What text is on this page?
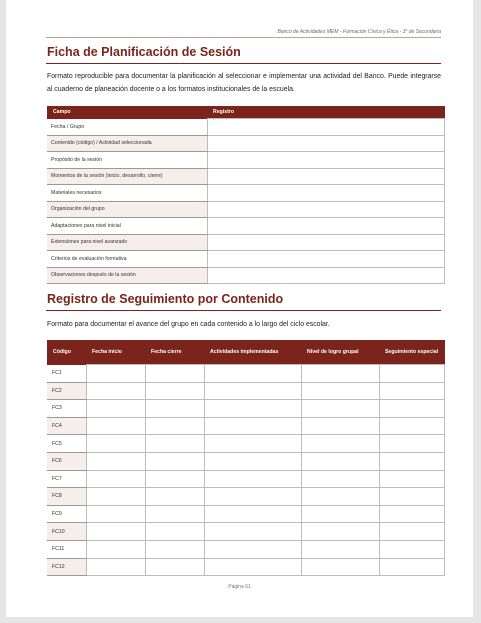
Banco de Actividades MEM - Formación Cívica y Ética - 3° de Secundaria
Ficha de Planificación de Sesión

Formato reproducible para documentar la planificación al seleccionar e implementar una actividad del Banco. Puede integrarse al cuaderno de planeación docente o a los formatos institucionales de la escuela.

Campo	Registro
Fecha / Grupo	
Contenido (código) / Actividad seleccionada	
Propósito de la sesión	
Momentos de la sesión (inicio, desarrollo, cierre)	
Materiales necesarios	
Organización del grupo	
Adaptaciones para nivel inicial	
Extensiones para nivel avanzado	
Criterios de evaluación formativa	
Observaciones después de la sesión	
Registro de Seguimiento por Contenido

Formato para documentar el avance del grupo en cada contenido a lo largo del ciclo escolar.

Código	Fecha inicio	Fecha cierre	Actividades implementadas	Nivel de logro grupal	Seguimiento especial
FC1					
FC2					
FC3					
FC4					
FC5					
FC6					
FC7					
FC8					
FC9					
FC10					
FC11					
FC12					
Página 61
